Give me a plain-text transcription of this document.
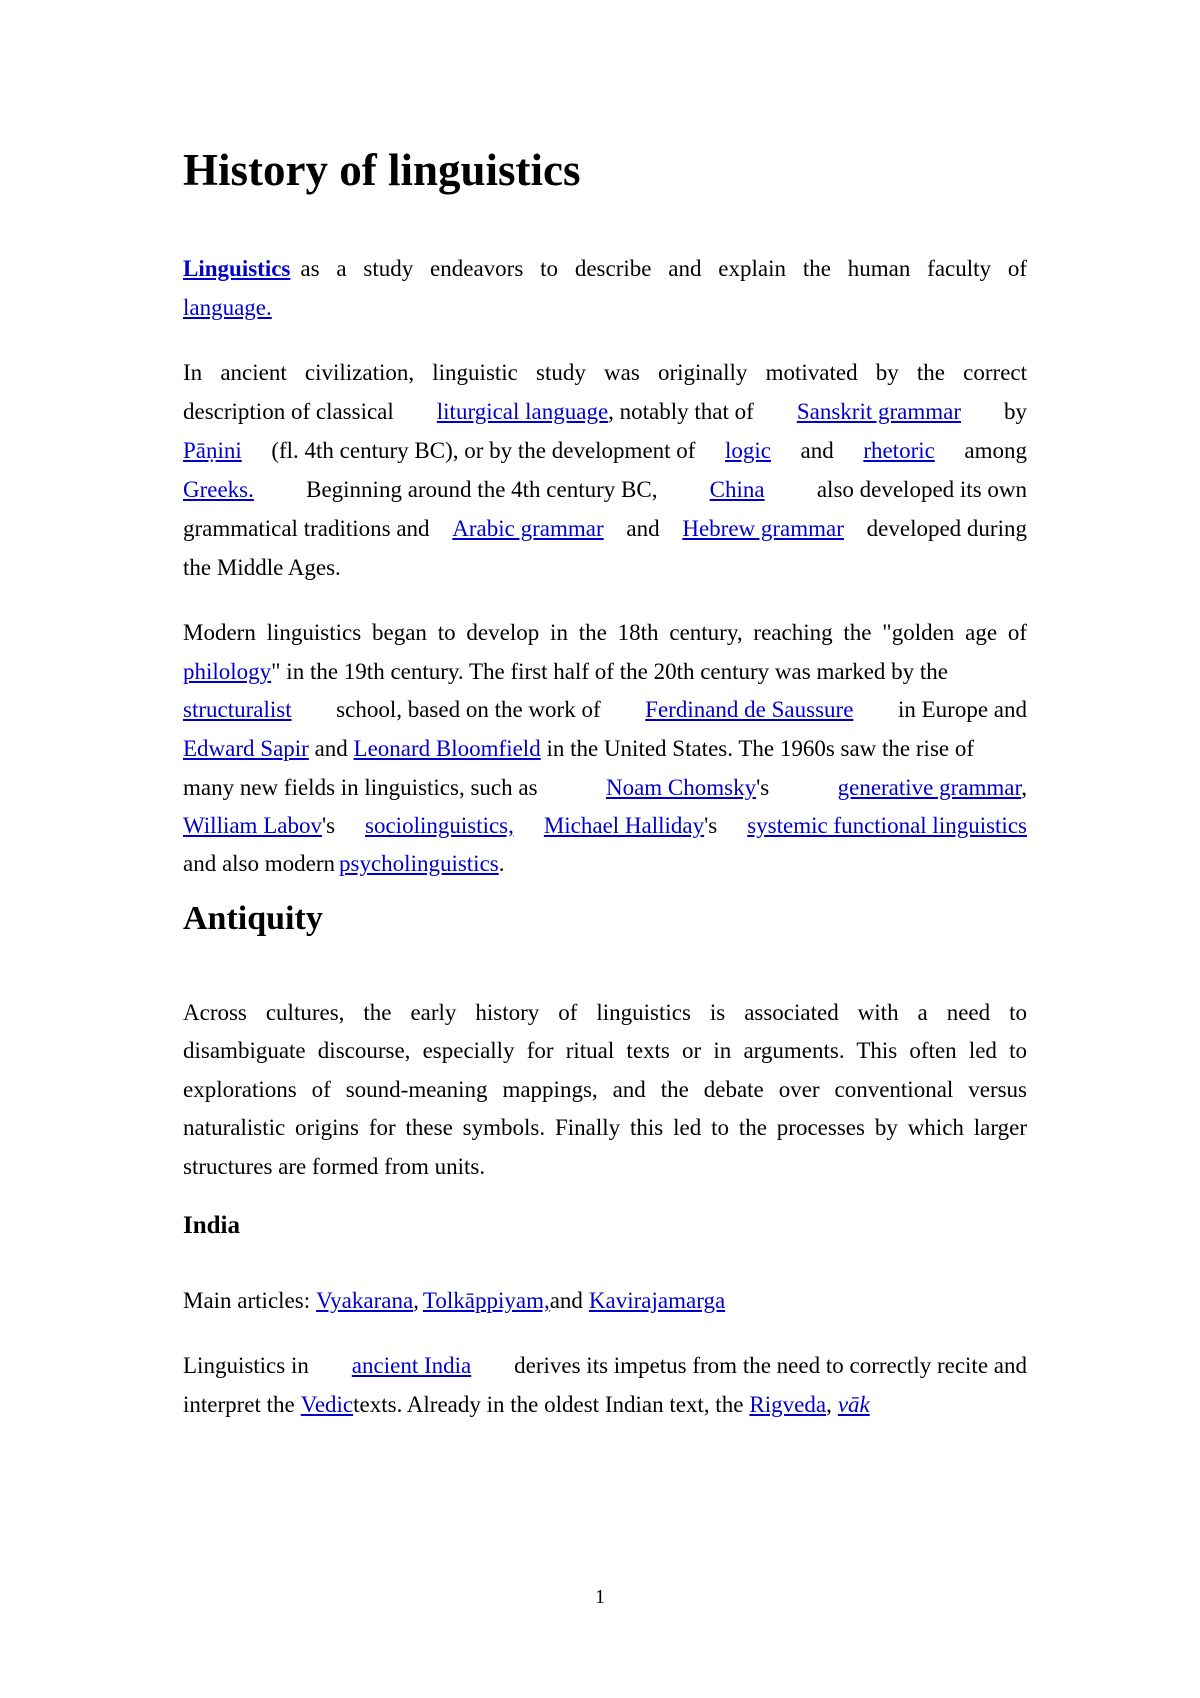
History of linguistics
Linguistics as a study endeavors to describe and explain the human faculty of
language.
In ancient civilization, linguistic study was originally motivated by the correct
description of classical liturgical language, notably that of Sanskrit grammar by
Pāṇini (fl. 4th century BC), or by the development of logic and rhetoric among
Greeks. Beginning around the 4th century BC, China also developed its own
grammatical traditions and Arabic grammar and Hebrew grammar developed during
the Middle Ages.
Modern linguistics began to develop in the 18th century, reaching the "golden age of
philology" in the 19th century. The first half of the 20th century was marked by the
structuralist school, based on the work of Ferdinand de Saussure in Europe and
Edward Sapir and Leonard Bloomfield in the United States. The 1960s saw the rise of
many new fields in linguistics, such as	Noam Chomsky's	generative grammar,
William Labov's sociolinguistics, Michael Halliday's systemic functional linguistics
and also modern psycholinguistics.
Antiquity
Across cultures, the early history of linguistics is associated with a need to
disambiguate discourse, especially for ritual texts or in arguments. This often led to
explorations of sound-meaning mappings, and the debate over conventional versus
naturalistic origins for these symbols. Finally this led to the processes by which larger
structures are formed from units.
India
Main articles: Vyakarana, Tolkāppiyam, and Kavirajamarga
Linguistics in ancient India derives its impetus from the need to correctly recite and
interpret the Vedic texts. Already in the oldest Indian text, the Rigveda, vāk
1
